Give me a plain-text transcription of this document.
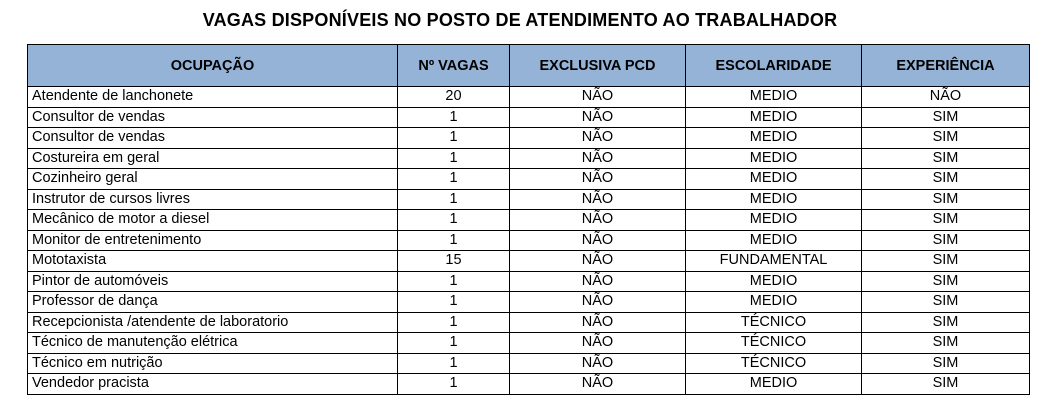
VAGAS DISPONÍVEIS NO POSTO DE ATENDIMENTO AO TRABALHADOR
OCUPAÇÃO	Nº VAGAS	EXCLUSIVA PCD	ESCOLARIDADE	EXPERIÊNCIA
Atendente de lanchonete	20	NÃO	MEDIO	NÃO
Consultor de vendas	1	NÃO	MEDIO	SIM
Consultor de vendas	1	NÃO	MEDIO	SIM
Costureira em geral	1	NÃO	MEDIO	SIM
Cozinheiro geral	1	NÃO	MEDIO	SIM
Instrutor de cursos livres	1	NÃO	MEDIO	SIM
Mecânico de motor a diesel	1	NÃO	MEDIO	SIM
Monitor de entretenimento	1	NÃO	MEDIO	SIM
Mototaxista	15	NÃO	FUNDAMENTAL	SIM
Pintor de automóveis	1	NÃO	MEDIO	SIM
Professor de dança	1	NÃO	MEDIO	SIM
Recepcionista /atendente de laboratorio	1	NÃO	TÉCNICO	SIM
Técnico de manutenção elétrica	1	NÃO	TÉCNICO	SIM
Técnico em nutrição	1	NÃO	TÉCNICO	SIM
Vendedor pracista	1	NÃO	MEDIO	SIM
